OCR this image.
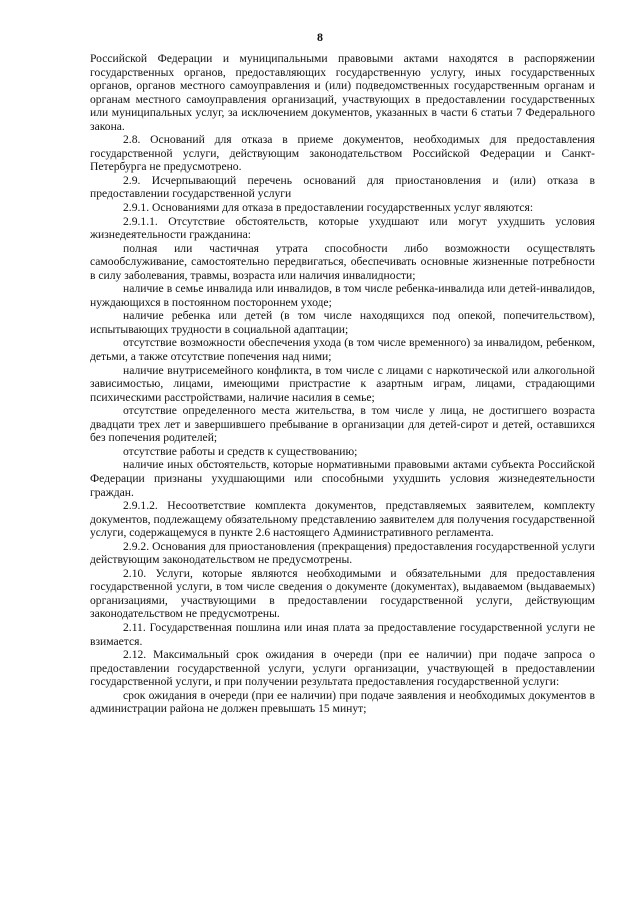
8

Российской Федерации и муниципальными правовыми актами находятся в распоряжении государственных органов, предоставляющих государственную услугу, иных государственных органов, органов местного самоуправления и (или) подведомственных государственным органам и органам местного самоуправления организаций, участвующих в предоставлении государственных или муниципальных услуг, за исключением документов, указанных в части 6 статьи 7 Федерального закона.

2.8. Оснований для отказа в приеме документов, необходимых для предоставления государственной услуги, действующим законодательством Российской Федерации и Санкт-Петербурга не предусмотрено.

2.9. Исчерпывающий перечень оснований для приостановления и (или) отказа в предоставлении государственной услуги

2.9.1. Основаниями для отказа в предоставлении государственных услуг являются:

2.9.1.1. Отсутствие обстоятельств, которые ухудшают или могут ухудшить условия жизнедеятельности гражданина:

полная или частичная утрата способности либо возможности осуществлять самообслуживание, самостоятельно передвигаться, обеспечивать основные жизненные потребности в силу заболевания, травмы, возраста или наличия инвалидности;

наличие в семье инвалида или инвалидов, в том числе ребенка-инвалида или детей-инвалидов, нуждающихся в постоянном постороннем уходе;

наличие ребенка или детей (в том числе находящихся под опекой, попечительством), испытывающих трудности в социальной адаптации;

отсутствие возможности обеспечения ухода (в том числе временного) за инвалидом, ребенком, детьми, а также отсутствие попечения над ними;

наличие внутрисемейного конфликта, в том числе с лицами с наркотической или алкогольной зависимостью, лицами, имеющими пристрастие к азартным играм, лицами, страдающими психическими расстройствами, наличие насилия в семье;

отсутствие определенного места жительства, в том числе у лица, не достигшего возраста двадцати трех лет и завершившего пребывание в организации для детей-сирот и детей, оставшихся без попечения родителей;

отсутствие работы и средств к существованию;

наличие иных обстоятельств, которые нормативными правовыми актами субъекта Российской Федерации признаны ухудшающими или способными ухудшить условия жизнедеятельности граждан.

2.9.1.2. Несоответствие комплекта документов, представляемых заявителем, комплекту документов, подлежащему обязательному представлению заявителем для получения государственной услуги, содержащемуся в пункте 2.6 настоящего Административного регламента.

2.9.2. Основания для приостановления (прекращения) предоставления государственной услуги действующим законодательством не предусмотрены.

2.10. Услуги, которые являются необходимыми и обязательными для предоставления государственной услуги, в том числе сведения о документе (документах), выдаваемом (выдаваемых) организациями, участвующими в предоставлении государственной услуги, действующим законодательством не предусмотрены.

2.11. Государственная пошлина или иная плата за предоставление государственной услуги не взимается.

2.12. Максимальный срок ожидания в очереди (при ее наличии) при подаче запроса о предоставлении государственной услуги, услуги организации, участвующей в предоставлении государственной услуги, и при получении результата предоставления государственной услуги:

срок ожидания в очереди (при ее наличии) при подаче заявления и необходимых документов в администрации района не должен превышать 15 минут;
